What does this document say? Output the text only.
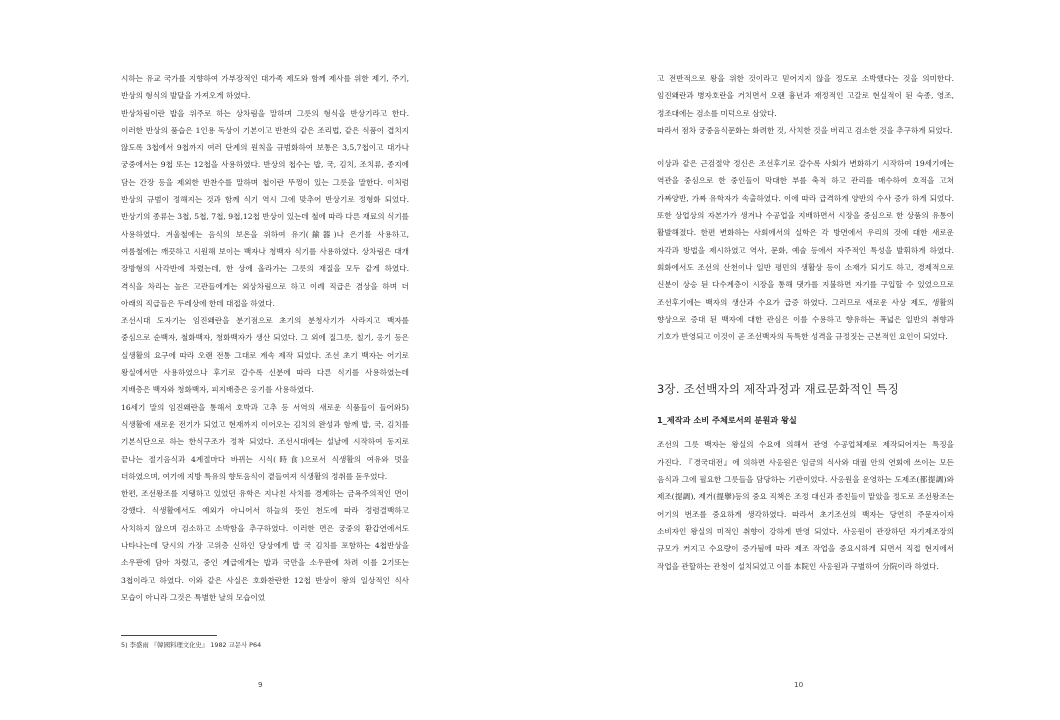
시하는 유교 국가를 지향하여 가부장적인 대가족 제도와 함께 제사를 위한 제기, 주기, 반상의 형식의 발달을 가져오게 하였다.

반상차림이란 밥을 위주로 하는 상차림을 말하며 그릇의 형식을 반상기라고 한다. 이러한 반상의 품습은 1인용 독상이 기본이고 반찬의 같은 조리법, 같은 식품이 겹치지 않도록 3첩에서 9첩까지 여러 단계의 원칙을 규범화하여 보통은 3,5,7첩이고 대가나 궁중에서는 9첩 또는 12첩을 사용하였다. 반상의 첩수는 밥, 국, 김치, 조치류, 종지에 담는 간장 등을 제외한 반찬수를 말하며 첩이란 뚜껑이 있는 그릇을 말한다. 이처럼 반상의 규범이 정해지는 것과 함께 식기 역시 그에 맞추어 반상기로 정형화 되었다. 반상기의 종류는 3첩, 5첩, 7첩, 9첩,12첩 반상이 있는데 철에 따라 다른 재료의 식기를 사용하였다. 겨울철에는 음식의 보온을 위하여 유기(鍮器)나 은기를 사용하고, 여름철에는 깨끗하고 시원해 보이는 백자나 청백자 식기를 사용하였다. 상차림은 대개 장방형의 사각반에 차렸는데, 한 상에 올라가는 그릇의 재질을 모두 같게 하였다. 격식을 차리는 높은 고관들에게는 외상차림으로 하고 이례 직급은 겸상을 하며 더 아래의 직급들은 두레상에 한데 대접을 하였다.

조선시대 도자기는 임진왜란을 분기점으로 초기의 분청사기가 사라지고 백자를 중심으로 순백자, 철화백자, 청화백자가 생산 되었다. 그 외에 질그릇, 칠기, 옹기 등은 실생활의 요구에 따라 오랜 전통 그대로 계속 제작 되었다. 조선 초기 백자는 어기로 왕실에서만 사용하였으나 후기로 갈수록 신분에 따라 다른 식기를 사용하였는데 지배층은 백자와 청화백자, 피지배층은 옹기를 사용하였다.

16세기 말의 임진왜란을 통해서 호박과 고추 등 서역의 새로운 식품들이 들어와5) 식생활에 새로운 전기가 되었고 현재까지 이어오는 김치의 완성과 함께 밥, 국, 김치를 기본식단으로 하는 한식구조가 정착 되었다. 조선시대에는 설날에 시작하여 동지로 끝나는 절기음식과 4계절마다 바뀌는 시식(時食)으로서 식생활의 여유와 멋을 더하였으며, 여기에 지방 특유의 향토음식이 곁들여져 식생활의 정취를 돋우었다.

한편, 조선왕조를 지탱하고 있었던 유학은 지나친 사치를 경계하는 금욕주의적인 면이 강했다. 식생활에서도 예외가 아니어서 하늘의 뜻인 천도에 따라 정렴결백하고 사치하지 않으며 검소하고 소박함을 추구하였다. 이러한 면은 궁중의 환갑연에서도 나타나는데 당시의 가장 고위층 신하인 당상에게 밥 국 김치를 포함하는 4첩반상을 소우판에 담아 차렸고, 중인 계급에게는 밥과 국만을 소우판에 차려 이를 2기또는 3첩이라고 하였다. 이와 같은 사실은 호화찬란한 12첩 반상이 왕의 일상적인 식사 모습이 아니라 그것은 특별한 날의 모습이었

5) 李盛雨 『韓國料理文化史』 1982 교문사 P64
9

고 전반적으로 왕을 위한 것이라고 믿어지지 않을 정도로 소박했다는 것을 의미한다. 임진왜란과 병자호란을 거치면서 오랜 흉년과 재정적인 고갈로 현실적이 된 숙종, 영조, 정조대에는 검소를 미덕으로 삼았다.

따라서 점차 궁중음식문화는 화려한 것, 사치한 것을 버리고 검소한 것을 추구하게 되었다.

이상과 같은 근검절약 정신은 조선후기로 갈수록 사회가 변화하기 시작하여 19세기에는 역관을 중심으로 한 중인들이 막대한 부를 축적 하고 관리를 매수하여 호적을 고쳐 가짜양반, 가짜 유학자가 속출하였다. 이에 따라 급격하게 양반의 수사 증가 하게 되었다. 또한 상업상의 자본가가 생겨나 수공업을 지배하면서 시장을 중심으로 한 상품의 유통이 활발해졌다. 한편 변화하는 사회에서의 실학은 각 방면에서 우리의 것에 대한 새로운 자각과 방법을 제시하였고 역사, 문화, 예술 등에서 자주적인 특성을 발휘하게 하였다. 회화에서도 조선의 산천이나 일반 평민의 생활상 등이 소재가 되기도 하고, 경제적으로 신분이 상승 된 다수계층이 시장을 통해 댓가를 지불하면 자기를 구입할 수 있었으므로 조선후기에는 백자의 생산과 수요가 급증 하였다. 그러므로 새로운 사상 제도, 생활의 향상으로 증대 된 백자에 대한 관심은 이를 수용하고 향유하는 폭넓은 일반의 취향과 기호가 반영되고 이것이 곧 조선백자의 독특한 성격을 규정짓는 근본적인 요인이 되었다.

3장. 조선백자의 제작과정과 재료문화적인 특징
1_제작과 소비 주체로서의 분원과 왕실

조선의 그릇 백자는 왕실의 수요에 의해서 관영 수공업체제로 제작되어지는 특징을 가진다. 『경국대전』에 의하면 사옹원은 임금의 식사와 대궐 안의 연회에 쓰이는 모든 음식과 그에 필요한 그릇들을 담당하는 기관이었다. 사옹원을 운영하는 도제조(都提調)와 제조(提調), 제거(提擧)등의 중요 직책은 조정 대신과 종친들이 맡았을 정도로 조선왕조는 어기의 번조를 중요하게 생각하였다. 따라서 초기조선의 백자는 당연히 주문자이자 소비자인 왕실의 미적인 취향이 강하게 반영 되었다. 사옹원이 관장하던 자기제조장의 규모가 커지고 수요량이 증가됨에 따라 제조 작업을 중요시하게 되면서 직접 현지에서 작업을 관할하는 관청이 설치되었고 이를 本院인 사옹원과 구별하여 分院이라 하였다.

10
